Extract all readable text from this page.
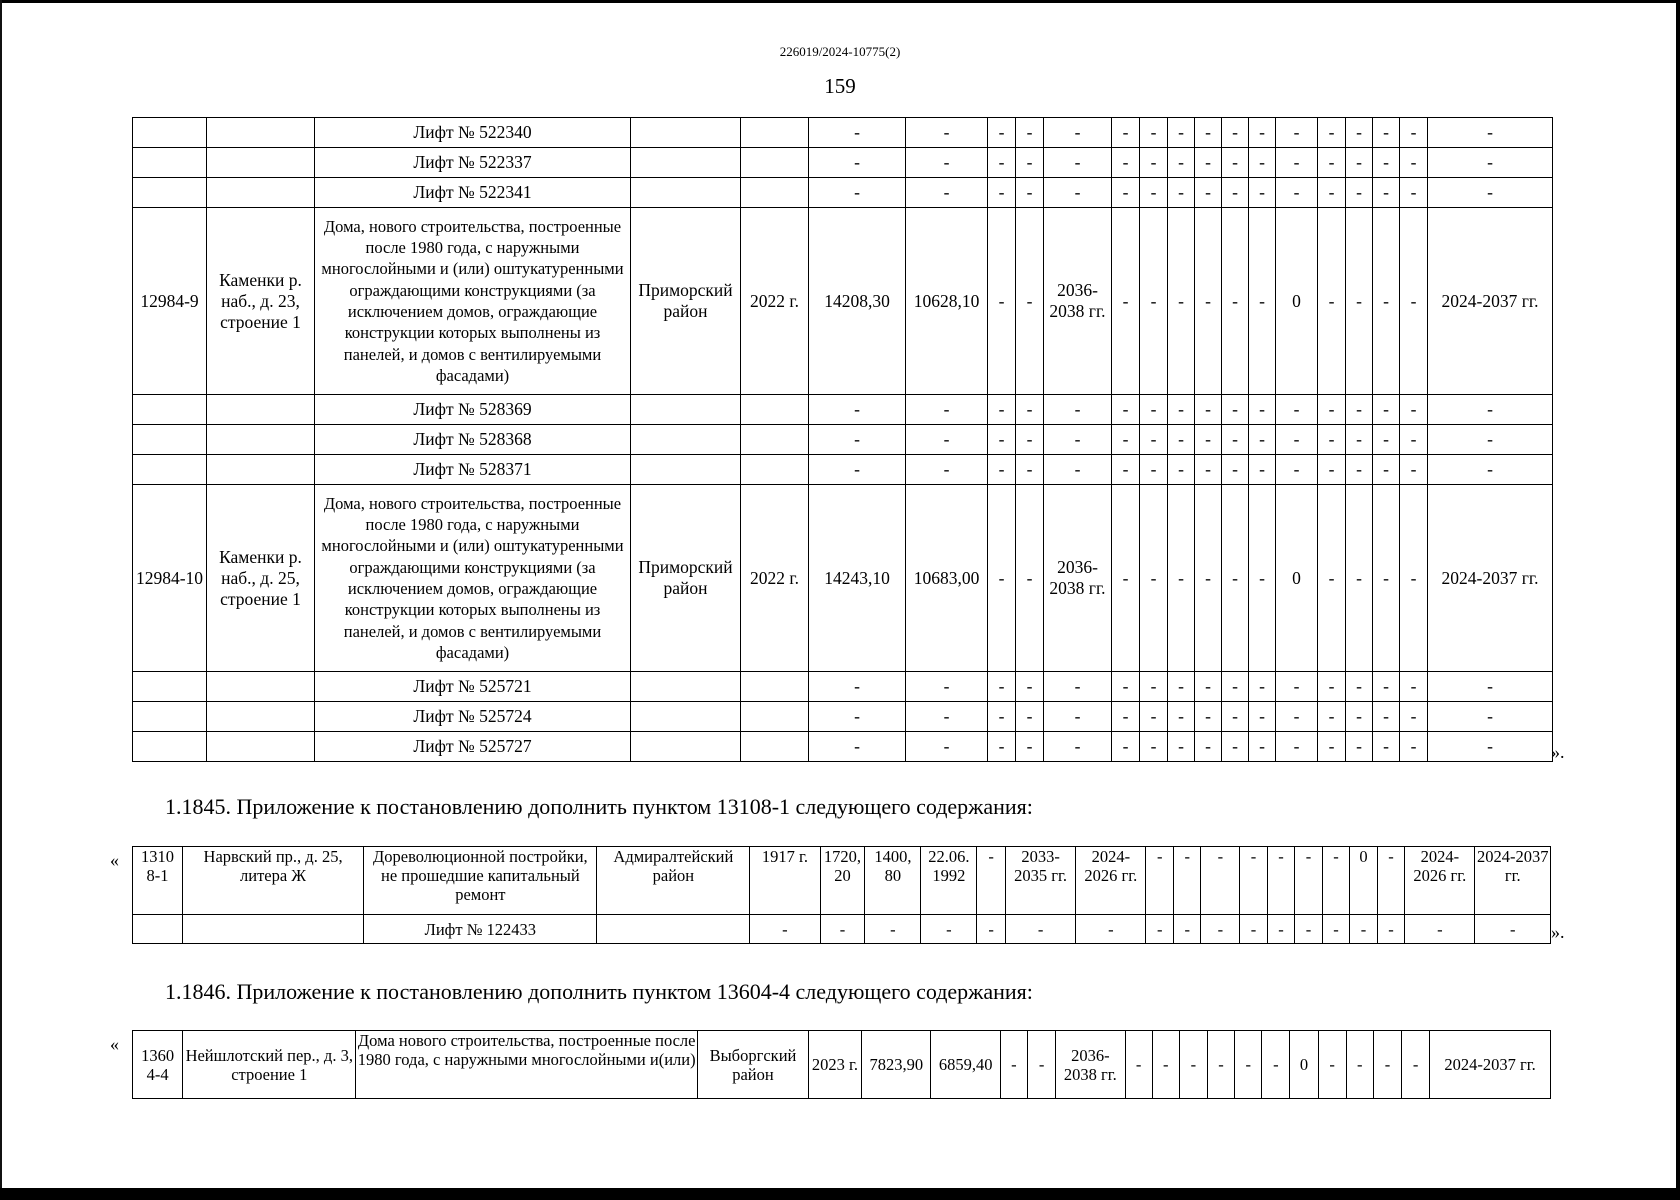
226019/2024-10775(2)
159
		Лифт № 522340			-	-	-	-	-	-	-	-	-	-	-	-	-	-	-	-	-		
		Лифт № 522337			-	-	-	-	-	-	-	-	-	-	-	-	-	-	-	-	-		
		Лифт № 522341			-	-	-	-	-	-	-	-	-	-	-	-	-	-	-	-	-		
12984-9	Каменки р. наб., д. 23, строение 1	Дома, нового строительства, построенные после 1980 года, с наружными многослойными и (или) оштукатуренными ограждающими конструкциями (за исключением домов, ограждающие конструкции которых выполнены из панелей, и домов с вентилируемыми фасадами)	Приморский район	2022 г.	14208,30	10628,10	-	-	2036-2038 гг.	-	-	-	-	-	-	0	-	-	-	-	2024-2037 гг.	
		Лифт № 528369			-	-	-	-	-	-	-	-	-	-	-	-	-	-	-	-	-		
		Лифт № 528368			-	-	-	-	-	-	-	-	-	-	-	-	-	-	-	-	-		
		Лифт № 528371			-	-	-	-	-	-	-	-	-	-	-	-	-	-	-	-	-		
12984-10	Каменки р. наб., д. 25, строение 1	Дома, нового строительства, построенные после 1980 года, с наружными многослойными и (или) оштукатуренными ограждающими конструкциями (за исключением домов, ограждающие конструкции которых выполнены из панелей, и домов с вентилируемыми фасадами)	Приморский район	2022 г.	14243,10	10683,00	-	-	2036-2038 гг.	-	-	-	-	-	-	0	-	-	-	-	2024-2037 гг.	
		Лифт № 525721			-	-	-	-	-	-	-	-	-	-	-	-	-	-	-	-	-		
		Лифт № 525724			-	-	-	-	-	-	-	-	-	-	-	-	-	-	-	-	-		
		Лифт № 525727			-	-	-	-	-	-	-	-	-	-	-	-	-	-	-	-	-			».
1.1845. Приложение к постановлению дополнить пунктом 13108-1 следующего содержания:
« 1310 8-1	Нарвский пр., д. 25, литера Ж	Дореволюционной постройки, не прошедшие капитальный ремонт	Адмиралтейский район	1917 г.	1720, 20	1400, 80	22.06. 1992	-	2033-2035 гг.	2024-2026 гг.	-	-	-	-	-	-	-	0	-	2024-2026 гг.	2024-2037 гг.
		Лифт № 122433		-	-	-	-	-	-	-	-	-	-	-	-	-	-	-	-	-	- ».
1.1846. Приложение к постановлению дополнить пунктом 13604-4 следующего содержания:
«
1360 4-4	Нейшлотский пер., д. 3, строение 1	Дома нового строительства, построенные после 1980 года, с наружными многослойными и(или)	Выборгский район	2023 г.	7823,90	6859,40	-	-	2036-2038 гг.	-	-	-	-	-	-	0	-	-	-	-	2024-2037 гг.
